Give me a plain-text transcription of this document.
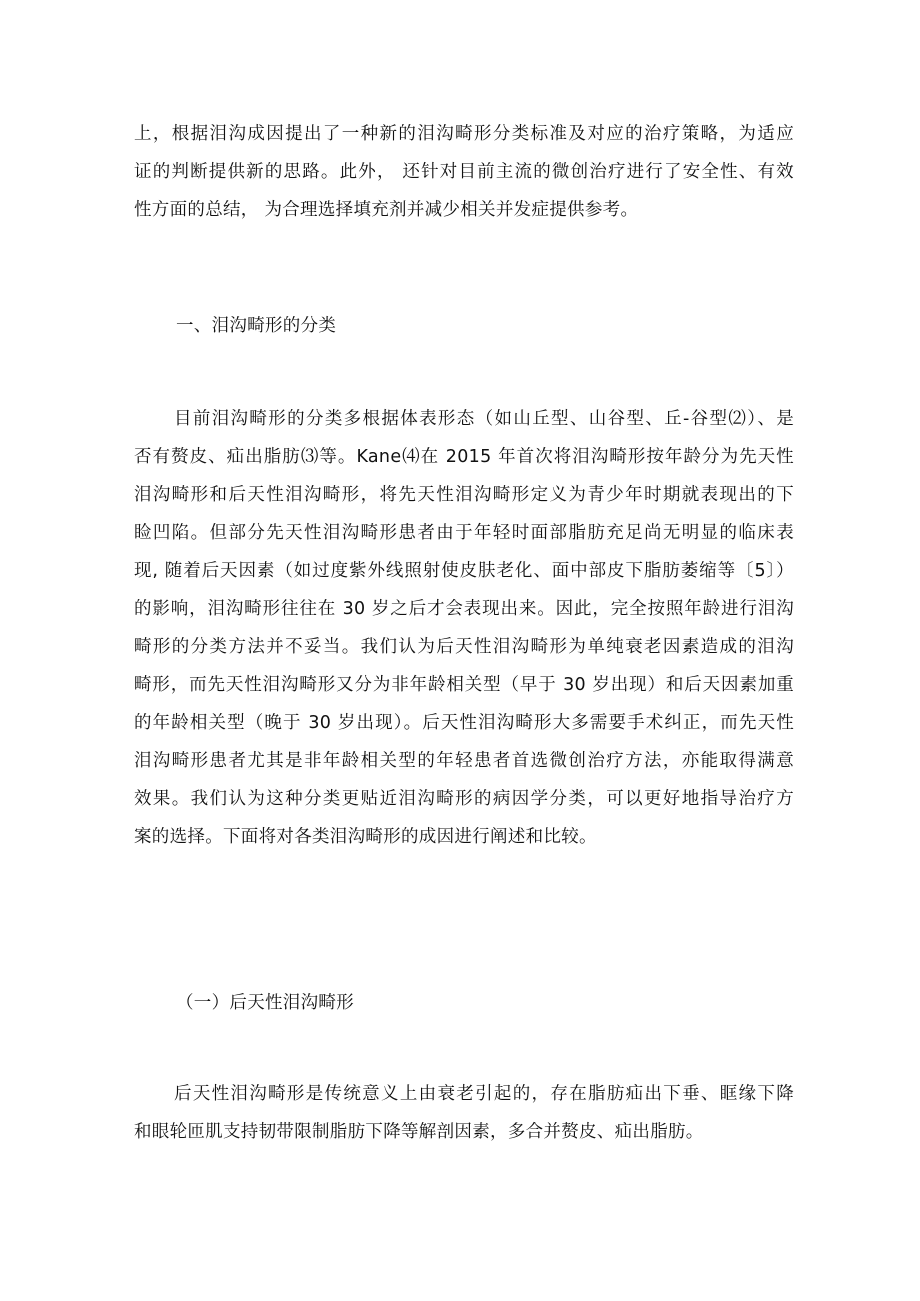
上，根据泪沟成因提出了一种新的泪沟畸形分类标准及对应的治疗策略，为适应
证的判断提供新的思路。此外， 还针对目前主流的微创治疗进行了安全性、有效
性方面的总结， 为合理选择填充剂并减少相关并发症提供参考。
一、泪沟畸形的分类
目前泪沟畸形的分类多根据体表形态（如山丘型、山谷型、丘-谷型⑵）、是
否有赘皮、疝出脂肪⑶等。Kane⑷在 2015 年首次将泪沟畸形按年龄分为先天性
泪沟畸形和后天性泪沟畸形，将先天性泪沟畸形定义为青少年时期就表现出的下
睑凹陷。但部分先天性泪沟畸形患者由于年轻时面部脂肪充足尚无明显的临床表
现, 随着后天因素（如过度紫外线照射使皮肤老化、面中部皮下脂肪萎缩等〔5〕）
的影响，泪沟畸形往往在 30 岁之后才会表现出来。因此，完全按照年龄进行泪沟
畸形的分类方法并不妥当。我们认为后天性泪沟畸形为单纯衰老因素造成的泪沟
畸形，而先天性泪沟畸形又分为非年龄相关型（早于 30 岁出现）和后天因素加重
的年龄相关型（晚于 30 岁出现）。后天性泪沟畸形大多需要手术纠正，而先天性
泪沟畸形患者尤其是非年龄相关型的年轻患者首选微创治疗方法，亦能取得满意
效果。我们认为这种分类更贴近泪沟畸形的病因学分类，可以更好地指导治疗方
案的选择。下面将对各类泪沟畸形的成因进行阐述和比较。
（一）后天性泪沟畸形
后天性泪沟畸形是传统意义上由衰老引起的，存在脂肪疝出下垂、眶缘下降
和眼轮匝肌支持韧带限制脂肪下降等解剖因素，多合并赘皮、疝出脂肪。
